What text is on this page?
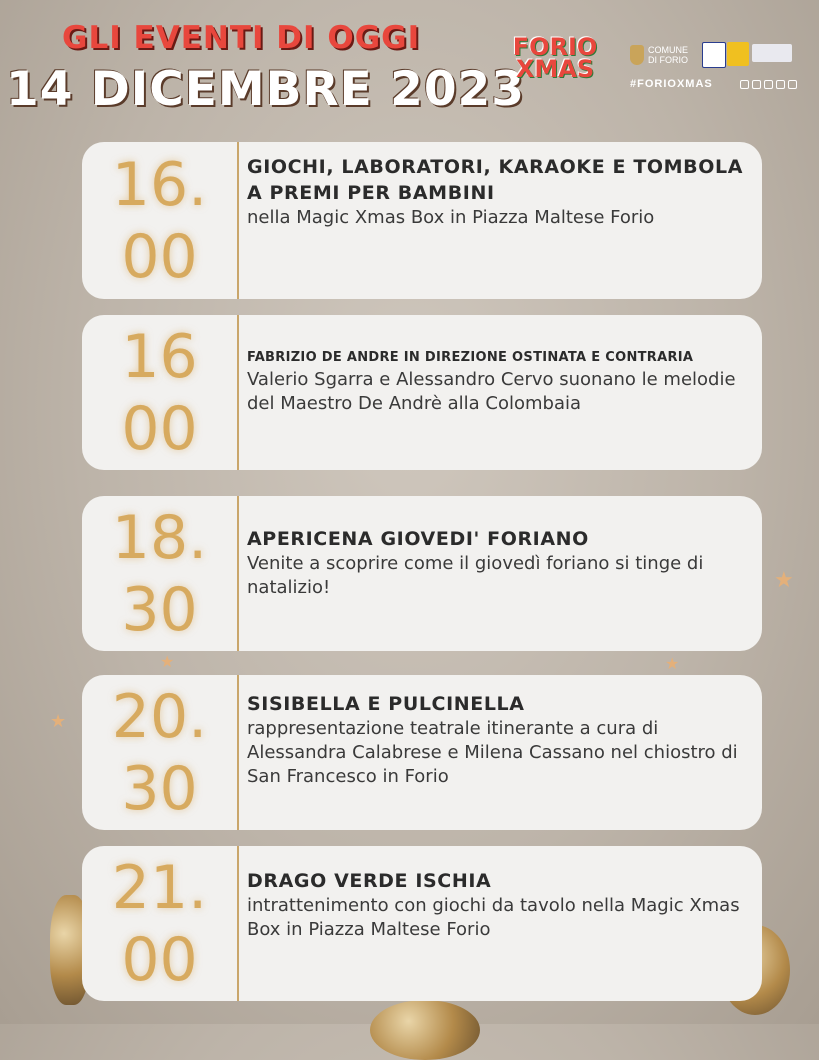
★
★
★	★
GLI EVENTI DI OGGI
14 DICEMBRE 2023
FORIO
XMAS
COMUNE
DI FORIO
#FORIOXMAS
16.
00
GIOCHI, LABORATORI, KARAOKE E TOMBOLA A PREMI PER BAMBINI
nella Magic Xmas Box in Piazza Maltese Forio
16
00
FABRIZIO DE ANDRE IN DIREZIONE OSTINATA E CONTRARIA
Valerio Sgarra e Alessandro Cervo suonano le melodie del Maestro De Andrè alla Colombaia
18.
30
APERICENA GIOVEDI' FORIANO
Venite a scoprire come il giovedì foriano si tinge di natalizio!
20.
30
SISIBELLA E PULCINELLA
rappresentazione teatrale itinerante a cura di Alessandra Calabrese e Milena Cassano nel chiostro di San Francesco in Forio
21.
00
DRAGO VERDE ISCHIA
intrattenimento con giochi da tavolo nella Magic Xmas Box in Piazza Maltese Forio
